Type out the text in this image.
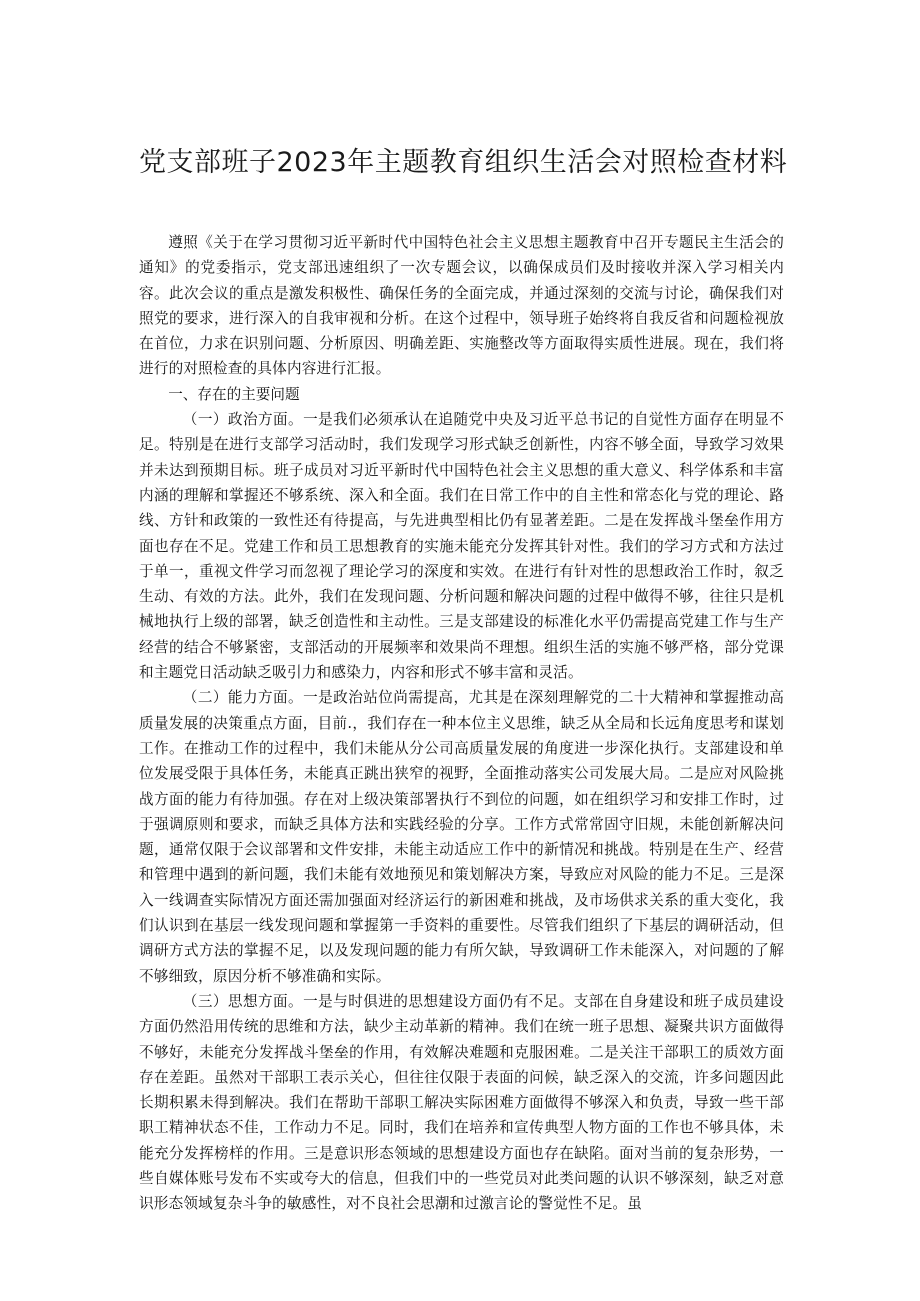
党支部班子2023年主题教育组织生活会对照检查材料

遵照《关于在学习贯彻习近平新时代中国特色社会主义思想主题教育中召开专题民主生活会的通知》的党委指示，党支部迅速组织了一次专题会议，以确保成员们及时接收并深入学习相关内容。此次会议的重点是激发积极性、确保任务的全面完成，并通过深刻的交流与讨论，确保我们对照党的要求，进行深入的自我审视和分析。在这个过程中，领导班子始终将自我反省和问题检视放在首位，力求在识别问题、分析原因、明确差距、实施整改等方面取得实质性进展。现在，我们将进行的对照检查的具体内容进行汇报。

一、存在的主要问题

（一）政治方面。一是我们必须承认在追随党中央及习近平总书记的自觉性方面存在明显不足。特别是在进行支部学习活动时，我们发现学习形式缺乏创新性，内容不够全面，导致学习效果并未达到预期目标。班子成员对习近平新时代中国特色社会主义思想的重大意义、科学体系和丰富内涵的理解和掌握还不够系统、深入和全面。我们在日常工作中的自主性和常态化与党的理论、路线、方针和政策的一致性还有待提高，与先进典型相比仍有显著差距。二是在发挥战斗堡垒作用方面也存在不足。党建工作和员工思想教育的实施未能充分发挥其针对性。我们的学习方式和方法过于单一，重视文件学习而忽视了理论学习的深度和实效。在进行有针对性的思想政治工作时，叙乏生动、有效的方法。此外，我们在发现问题、分析问题和解决问题的过程中做得不够，往往只是机械地执行上级的部署，缺乏创造性和主动性。三是支部建设的标准化水平仍需提高党建工作与生产经营的结合不够紧密，支部活动的开展频率和效果尚不理想。组织生活的实施不够严格，部分党课和主题党日活动缺乏吸引力和感染力，内容和形式不够丰富和灵活。

（二）能力方面。一是政治站位尚需提高，尤其是在深刻理解党的二十大精神和掌握推动高质量发展的决策重点方面，目前.，我们存在一种本位主义思维，缺乏从全局和长远角度思考和谋划工作。在推动工作的过程中，我们未能从分公司高质量发展的角度进一步深化执行。支部建设和单位发展受限于具体任务，未能真正跳出狭窄的视野，全面推动落实公司发展大局。二是应对风险挑战方面的能力有待加强。存在对上级决策部署执行不到位的问题，如在组织学习和安排工作时，过于强调原则和要求，而缺乏具体方法和实践经验的分享。工作方式常常固守旧规，未能创新解决问题，通常仅限于会议部署和文件安排，未能主动适应工作中的新情况和挑战。特别是在生产、经营和管理中遇到的新问题，我们未能有效地预见和策划解决方案，导致应对风险的能力不足。三是深入一线调查实际情况方面还需加强面对经济运行的新困难和挑战，及市场供求关系的重大变化，我们认识到在基层一线发现问题和掌握第一手资料的重要性。尽管我们组织了下基层的调研活动，但调研方式方法的掌握不足，以及发现问题的能力有所欠缺，导致调研工作未能深入，对问题的了解不够细致，原因分析不够准确和实际。

（三）思想方面。一是与时俱进的思想建设方面仍有不足。支部在自身建设和班子成员建设方面仍然沿用传统的思维和方法，缺少主动革新的精神。我们在统一班子思想、凝聚共识方面做得不够好，未能充分发挥战斗堡垒的作用，有效解决难题和克服困难。二是关注干部职工的质效方面存在差距。虽然对干部职工表示关心，但往往仅限于表面的问候，缺乏深入的交流，许多问题因此长期积累未得到解决。我们在帮助干部职工解决实际困难方面做得不够深入和负责，导致一些干部职工精神状态不佳，工作动力不足。同时，我们在培养和宣传典型人物方面的工作也不够具体，未能充分发挥榜样的作用。三是意识形态领域的思想建设方面也存在缺陷。面对当前的复杂形势，一些自媒体账号发布不实或夸大的信息，但我们中的一些党员对此类问题的认识不够深刻，缺乏对意识形态领域复杂斗争的敏感性，对不良社会思潮和过激言论的警觉性不足。虽
